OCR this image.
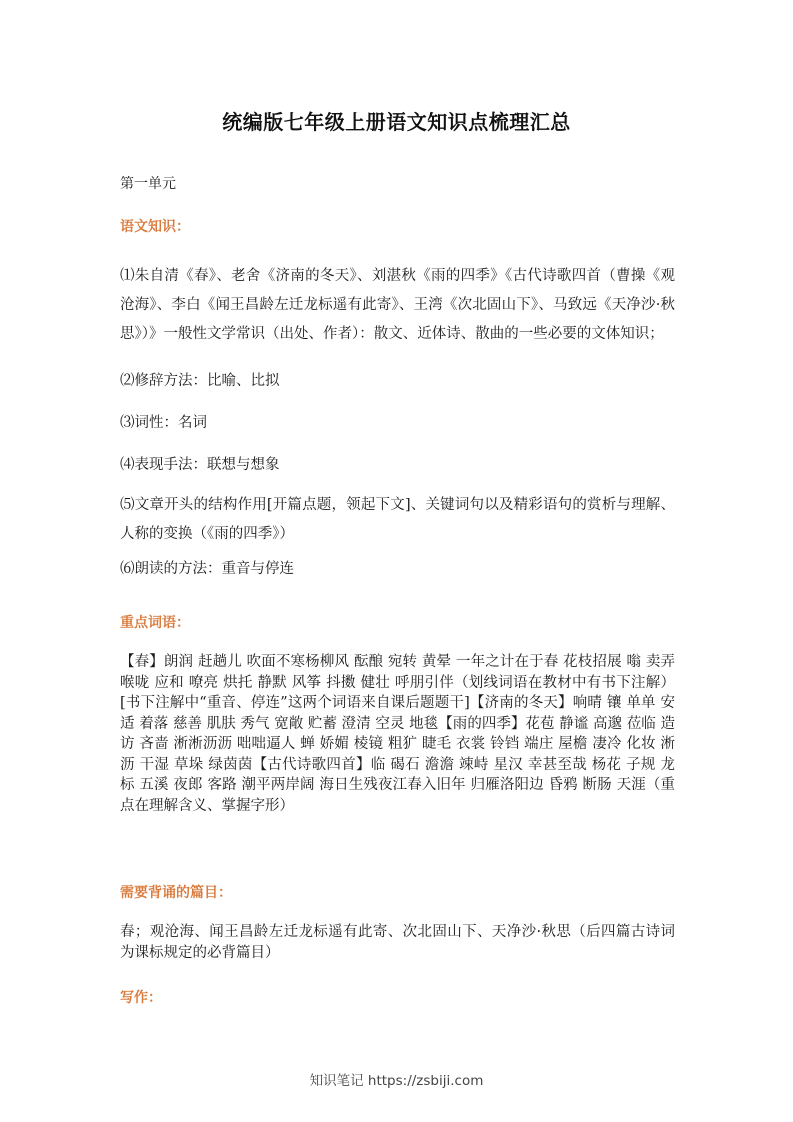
统编版七年级上册语文知识点梳理汇总
第一单元
语文知识：
⑴朱自清《春》、老舍《济南的冬天》、刘湛秋《雨的四季》《古代诗歌四首（曹操《观沧海》、李白《闻王昌龄左迁龙标遥有此寄》、王湾《次北固山下》、马致远《天净沙·秋思》）》一般性文学常识（出处、作者）：散文、近体诗、散曲的一些必要的文体知识；
⑵修辞方法：比喻、比拟
⑶词性：名词
⑷表现手法：联想与想象
⑸文章开头的结构作用[开篇点题，领起下文]、关键词句以及精彩语句的赏析与理解、人称的变换（《雨的四季》）
⑹朗读的方法：重音与停连
重点词语：
【春】朗润 赶趟儿 吹面不寒杨柳风 酝酿 宛转 黄晕 一年之计在于春 花枝招展 嗡 卖弄 喉咙 应和 嘹亮 烘托 静默 风筝 抖擞 健壮 呼朋引伴（划线词语在教材中有书下注解）[书下注解中“重音、停连”这两个词语来自课后题题干]【济南的冬天】响晴 镶 单单 安适 着落 慈善 肌肤 秀气 宽敞 贮蓄 澄清 空灵 地毯【雨的四季】花苞 静谧 高邈 莅临 造访 吝啬 淅淅沥沥 咄咄逼人 蝉 娇媚 棱镜 粗犷 睫毛 衣裳 铃铛 端庄 屋檐 凄冷 化妆 淅沥 干湿 草垛 绿茵茵【古代诗歌四首】临 碣石 澹澹 竦峙 星汉 幸甚至哉 杨花 子规 龙标 五溪 夜郎 客路 潮平两岸阔 海日生残夜江春入旧年 归雁洛阳边 昏鸦 断肠 天涯（重点在理解含义、掌握字形）
需要背诵的篇目：
春；观沧海、闻王昌龄左迁龙标遥有此寄、次北固山下、天净沙·秋思（后四篇古诗词为课标规定的必背篇目）
写作：
知识笔记 https://zsbiji.com
